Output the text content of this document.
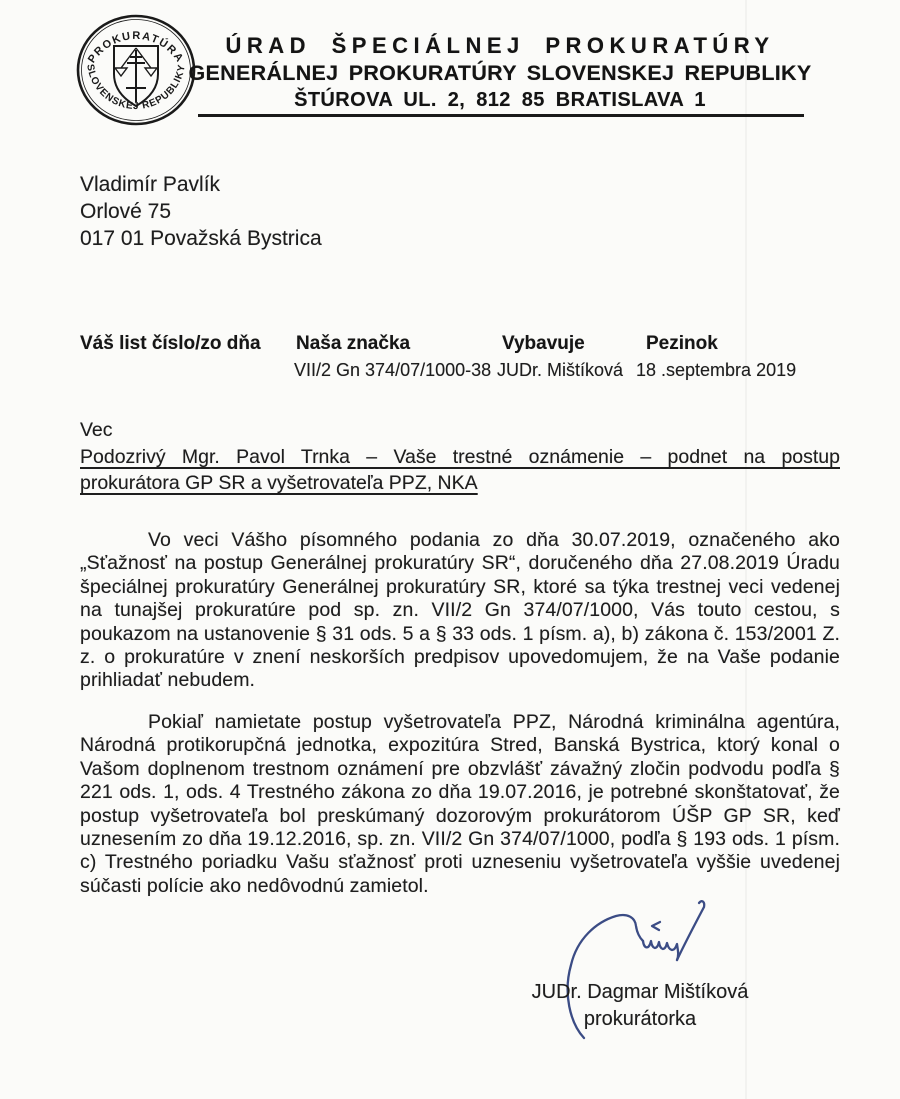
PROKURATÚRA
SLOVENSKEJ REPUBLIKY
ÚRAD ŠPECIÁLNEJ PROKURATÚRY
GENERÁLNEJ PROKURATÚRY SLOVENSKEJ REPUBLIKY
ŠTÚROVA UL. 2, 812 85 BRATISLAVA 1
Vladimír Pavlík
Orlové 75
017 01 Považská Bystrica
Váš list číslo/zo dňa Naša značka	Vybavuje	Pezinok
VII/2 Gn 374/07/1000-38 JUDr. Mištíková 18 .septembra 2019
Vec
Podozrivý Mgr. Pavol Trnka – Vaše trestné oznámenie – podnet na postup
prokurátora GP SR a vyšetrovateľa PPZ, NKA
Vo veci Vášho písomného podania zo dňa 30.07.2019, označeného ako „Sťažnosť na postup Generálnej prokuratúry SR“, doručeného dňa 27.08.2019 Úradu špeciálnej prokuratúry Generálnej prokuratúry SR, ktoré sa týka trestnej veci vedenej na tunajšej prokuratúre pod sp. zn. VII/2 Gn 374/07/1000, Vás touto cestou, s poukazom na ustanovenie § 31 ods. 5 a § 33 ods. 1 písm. a), b) zákona č. 153/2001 Z. z. o prokuratúre v znení neskorších predpisov upovedomujem, že na Vaše podanie prihliadať nebudem.
Pokiaľ namietate postup vyšetrovateľa PPZ, Národná kriminálna agentúra, Národná protikorupčná jednotka, expozitúra Stred, Banská Bystrica, ktorý konal o Vašom doplnenom trestnom oznámení pre obzvlášť závažný zločin podvodu podľa § 221 ods. 1, ods. 4 Trestného zákona zo dňa 19.07.2016, je potrebné skonštatovať, že postup vyšetrovateľa bol preskúmaný dozorovým prokurátorom ÚŠP GP SR, keď uznesením zo dňa 19.12.2016, sp. zn. VII/2 Gn 374/07/1000, podľa § 193 ods. 1 písm. c) Trestného poriadku Vašu sťažnosť proti uzneseniu vyšetrovateľa vyššie uvedenej súčasti polície ako nedôvodnú zamietol.
JUDr. Dagmar Mištíková
prokurátorka
